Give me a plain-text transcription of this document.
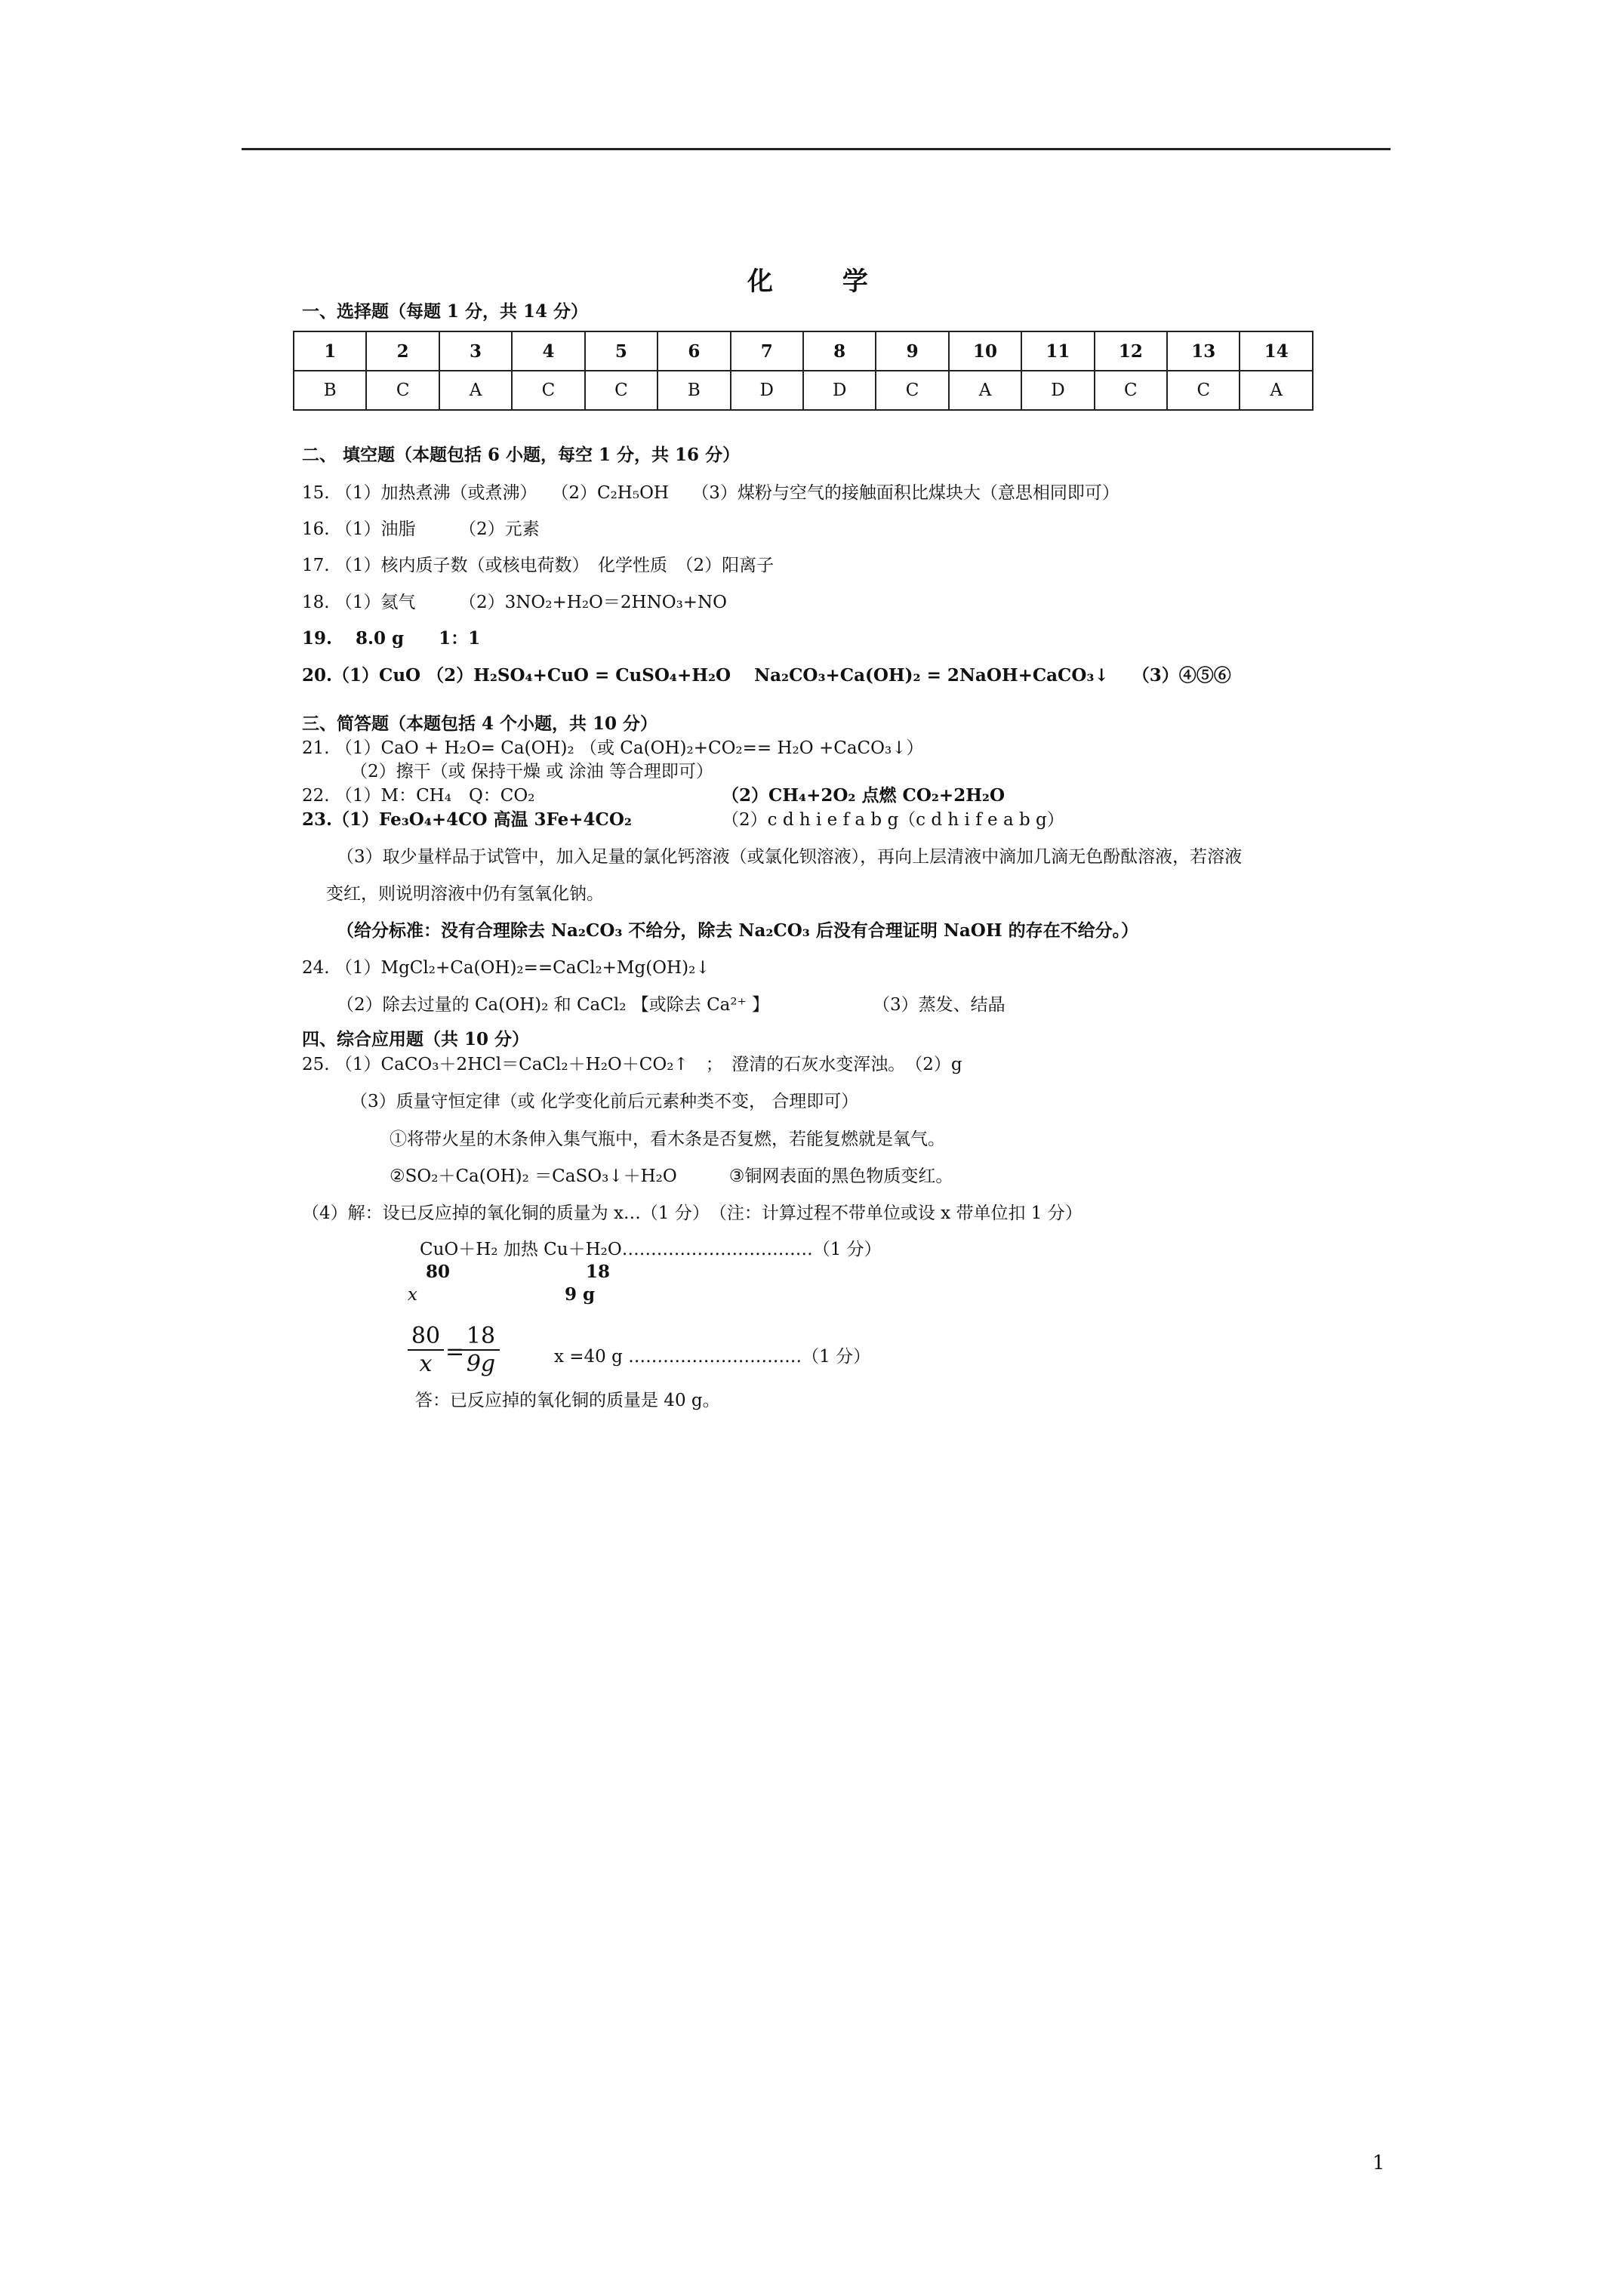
化 学
一、选择题（每题 1 分，共 14 分）
1	2	3	4	5	6	7	8	9	10	11	12	13	14
B	C	A	C	C	B	D	D	C	A	D	C	C	A
二、 填空题（本题包括 6 小题，每空 1 分，共 16 分）
15. （1）加热煮沸（或煮沸）　 （2）C₂H₅OH　 （3）煤粉与空气的接触面积比煤块大（意思相同即可）
16. （1）油脂　　　（2）元素
17. （1）核内质子数（或核电荷数）　化学性质　（2）阳离子
18. （1）氦气　　　（2）3NO₂+H₂O＝2HNO₃+NO
19. 　8.0 g　　1：1
20.（1）CuO （2）H₂SO₄+CuO = CuSO₄+H₂O　 Na₂CO₃+Ca(OH)₂ = 2NaOH+CaCO₃↓　 （3）④⑤⑥
三、简答题（本题包括 4 个小题，共 10 分）
21. （1）CaO + H₂O= Ca(OH)₂ （或 Ca(OH)₂+CO₂== H₂O +CaCO₃↓）
（2）擦干（或 保持干燥 或 涂油 等合理即可）
22. （1）M：CH₄　Q：CO₂	（2）CH₄+2O₂ 点燃 CO₂+2H₂O
23.（1）Fe₃O₄+4CO 高温 3Fe+4CO₂	（2）c d h i e f a b g（c d h i f e a b g）
（3）取少量样品于试管中，加入足量的氯化钙溶液（或氯化钡溶液），再向上层清液中滴加几滴无色酚酞溶液，若溶液
变红，则说明溶液中仍有氢氧化钠。
（给分标准：没有合理除去 Na₂CO₃ 不给分，除去 Na₂CO₃ 后没有合理证明 NaOH 的存在不给分。）
24. （1）MgCl₂+Ca(OH)₂==CaCl₂+Mg(OH)₂↓
（2）除去过量的 Ca(OH)₂ 和 CaCl₂ 【或除去 Ca²⁺ 】	（3）蒸发、结晶
四、综合应用题（共 10 分）
25. （1）CaCO₃＋2HCl＝CaCl₂＋H₂O＋CO₂↑　；　澄清的石灰水变浑浊。　（2）g
（3）质量守恒定律（或 化学变化前后元素种类不变， 合理即可）
①将带火星的木条伸入集气瓶中，看木条是否复燃，若能复燃就是氧气。
②SO₂＋Ca(OH)₂ ＝CaSO₃↓＋H₂O　　　③铜网表面的黑色物质变红。
（4）解：设已反应掉的氧化铜的质量为 x…（1 分）　（注：计算过程不带单位或设 x 带单位扣 1 分）
CuO＋H₂ 加热 Cu＋H₂O……………………………（1 分）
80	18
x	9 g
$\frac{80}{x}$ =
$\frac{18}{9g}$	x =40 g …………………………（1 分）
答：已反应掉的氧化铜的质量是 40 g。
1
